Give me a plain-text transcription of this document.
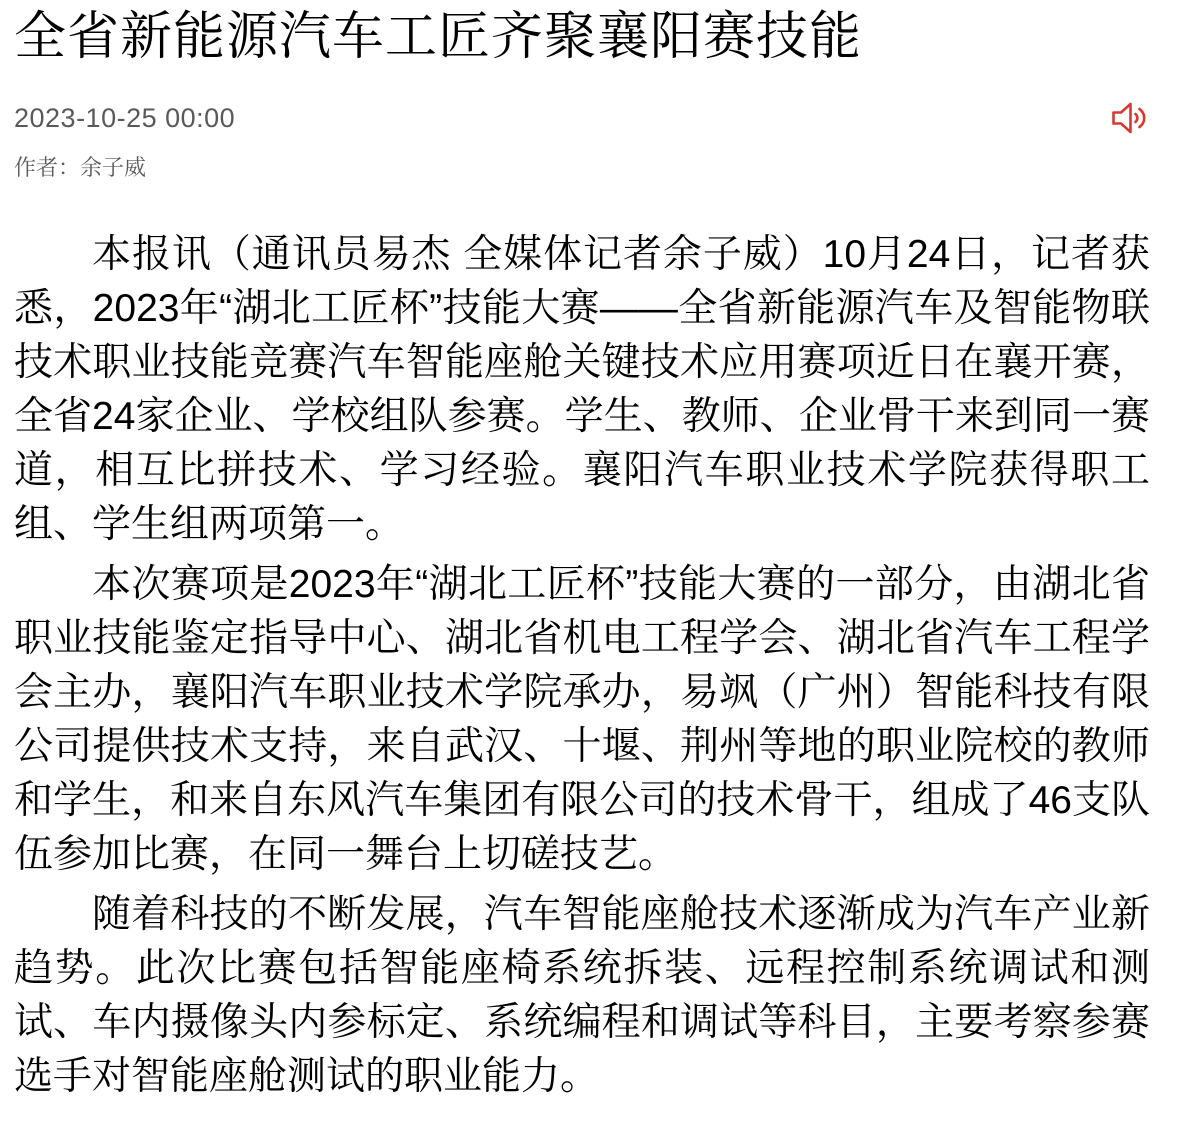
全省新能源汽车工匠齐聚襄阳赛技能
2023-10-25 00:00
作者：余子威

本报讯（通讯员易杰 全媒体记者余子威）10月24日，记者获悉，2023年“湖北工匠杯”技能大赛——全省新能源汽车及智能物联技术职业技能竞赛汽车智能座舱关键技术应用赛项近日在襄开赛，全省24家企业、学校组队参赛。学生、教师、企业骨干来到同一赛道，相互比拼技术、学习经验。襄阳汽车职业技术学院获得职工组、学生组两项第一。

本次赛项是2023年“湖北工匠杯”技能大赛的一部分，由湖北省职业技能鉴定指导中心、湖北省机电工程学会、湖北省汽车工程学会主办，襄阳汽车职业技术学院承办，易飒（广州）智能科技有限公司提供技术支持，来自武汉、十堰、荆州等地的职业院校的教师和学生，和来自东风汽车集团有限公司的技术骨干，组成了46支队伍参加比赛，在同一舞台上切磋技艺。

随着科技的不断发展，汽车智能座舱技术逐渐成为汽车产业新趋势。此次比赛包括智能座椅系统拆装、远程控制系统调试和测试、车内摄像头内参标定、系统编程和调试等科目，主要考察参赛选手对智能座舱测试的职业能力。
